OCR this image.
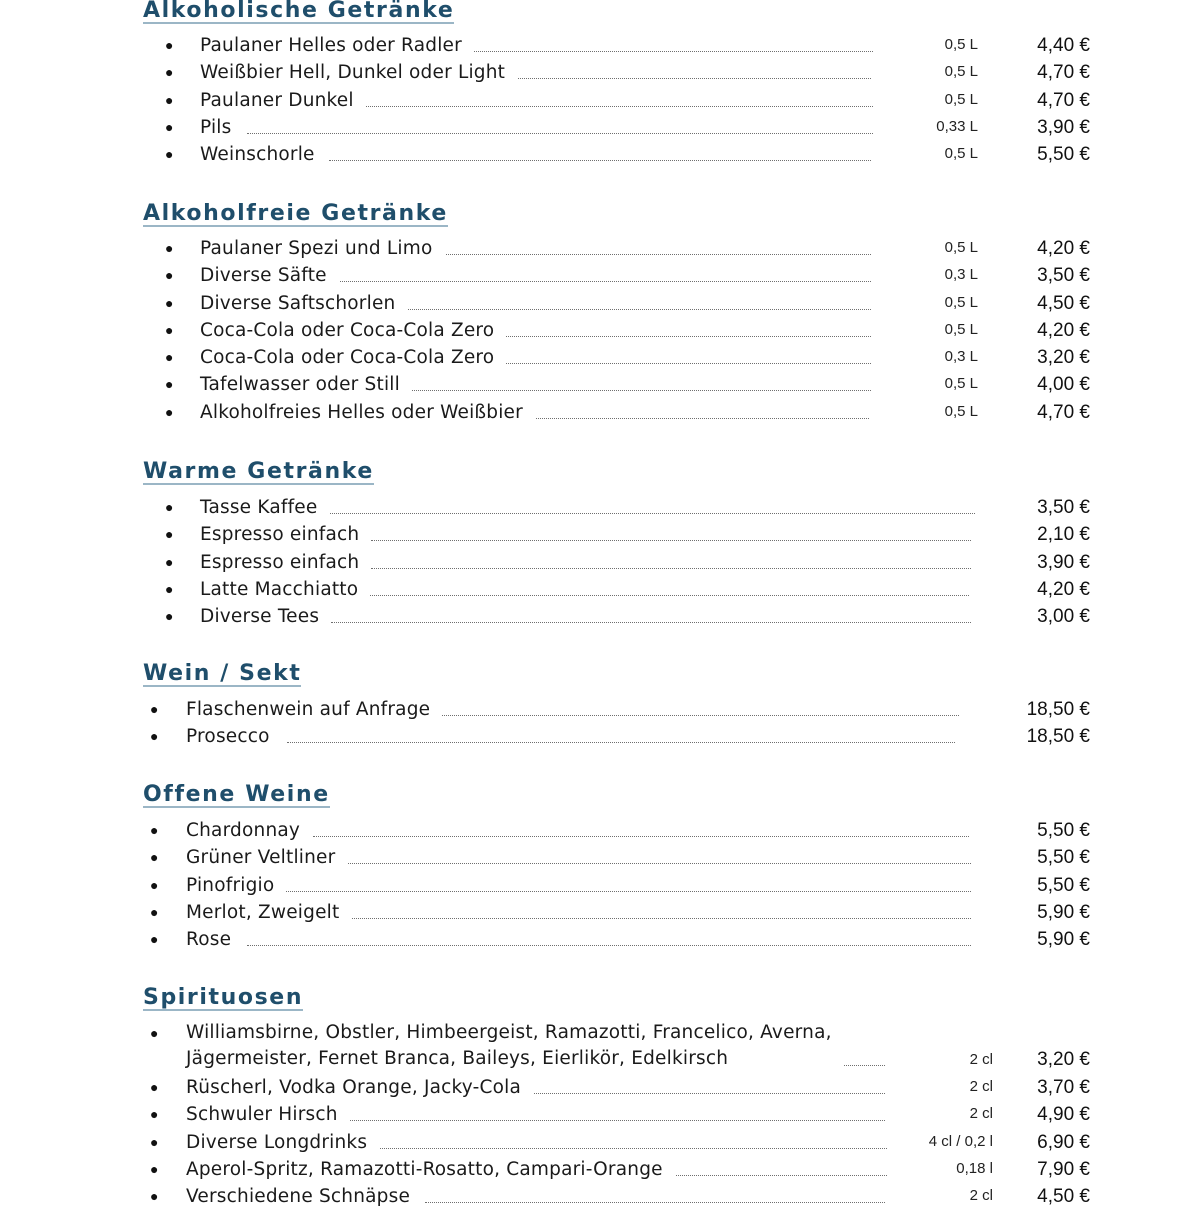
Alkoholische Getränke
● Paulaner Helles oder Radler	0,5 L	4,40 €
● Weißbier Hell, Dunkel oder Light	0,5 L	4,70 €
● Paulaner Dunkel	0,5 L	4,70 €
● Pils	0,33 L	3,90 €
● Weinschorle	0,5 L	5,50 €
Alkoholfreie Getränke
● Paulaner Spezi und Limo	0,5 L	4,20 €
● Diverse Säfte	0,3 L	3,50 €
● Diverse Saftschorlen	0,5 L	4,50 €
● Coca-Cola oder Coca-Cola Zero	0,5 L	4,20 €
● Coca-Cola oder Coca-Cola Zero	0,3 L	3,20 €
● Tafelwasser oder Still	0,5 L	4,00 €
● Alkoholfreies Helles oder Weißbier	0,5 L	4,70 €
Warme Getränke
● Tasse Kaffee	3,50 €
● Espresso einfach	2,10 €
● Espresso einfach	3,90 €
● Latte Macchiatto	4,20 €
● Diverse Tees	3,00 €
Wein / Sekt
● Flaschenwein auf Anfrage	18,50 €
● Prosecco	18,50 €
Offene Weine
● Chardonnay	5,50 €
● Grüner Veltliner	5,50 €
● Pinofrigio	5,50 €
● Merlot, Zweigelt	5,90 €
● Rose	5,90 €
Spirituosen
● Williamsbirne, Obstler, Himbeergeist, Ramazotti, Francelico, Averna,
Jägermeister, Fernet Branca, Baileys, Eierlikör, Edelkirsch	2 cl 3,20 €
● Rüscherl, Vodka Orange, Jacky-Cola	2 cl 3,70 €
● Schwuler Hirsch	2 cl 4,90 €
● Diverse Longdrinks	4 cl / 0,2 l 6,90 €
● Aperol-Spritz, Ramazotti-Rosatto, Campari-Orange	0,18 l 7,90 €
● Verschiedene Schnäpse	2 cl 4,50 €
